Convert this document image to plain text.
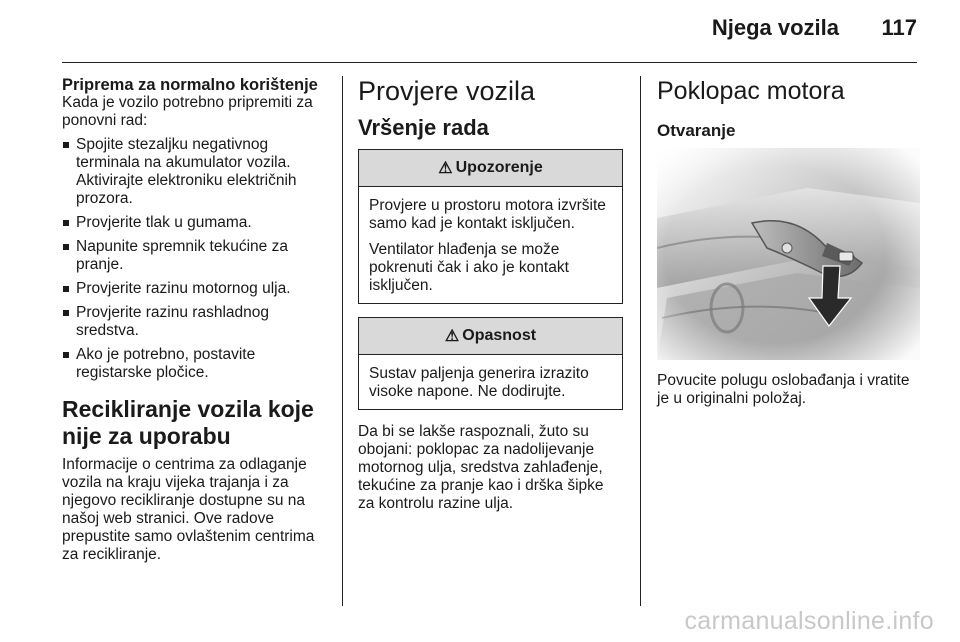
Njega vozila 117
Priprema za normalno korištenje

Kada je vozilo potrebno pripremiti za ponovni rad:

Spojite stezaljku negativnog terminala na akumulator vozila. Aktivirajte elektroniku električnih prozora.
Provjerite tlak u gumama.
Napunite spremnik tekućine za pranje.
Provjerite razinu motornog ulja.
Provjerite razinu rashladnog sredstva.
Ako je potrebno, postavite registarske pločice.
Recikliranje vozila koje nije za uporabu

Informacije o centrima za odlaganje vozila na kraju vijeka trajanja i za njegovo recikliranje dostupne su na našoj web stranici. Ove radove prepustite samo ovlaštenim centrima za recikliranje.

Provjere vozila
Vršenje rada
⚠ Upozorenje

Provjere u prostoru motora izvršite samo kad je kontakt isključen.

Ventilator hlađenja se može pokrenuti čak i ako je kontakt isključen.

⚠ Opasnost

Sustav paljenja generira izrazito visoke napone. Ne dodirujte.

Da bi se lakše raspoznali, žuto su obojani: poklopac za nadolijevanje motornog ulja, sredstva zahlađenje, tekućine za pranje kao i drška šipke za kontrolu razine ulja.

Poklopac motora
Otvaranje

Povucite polugu oslobađanja i vratite je u originalni položaj.

carmanualsonline.info
